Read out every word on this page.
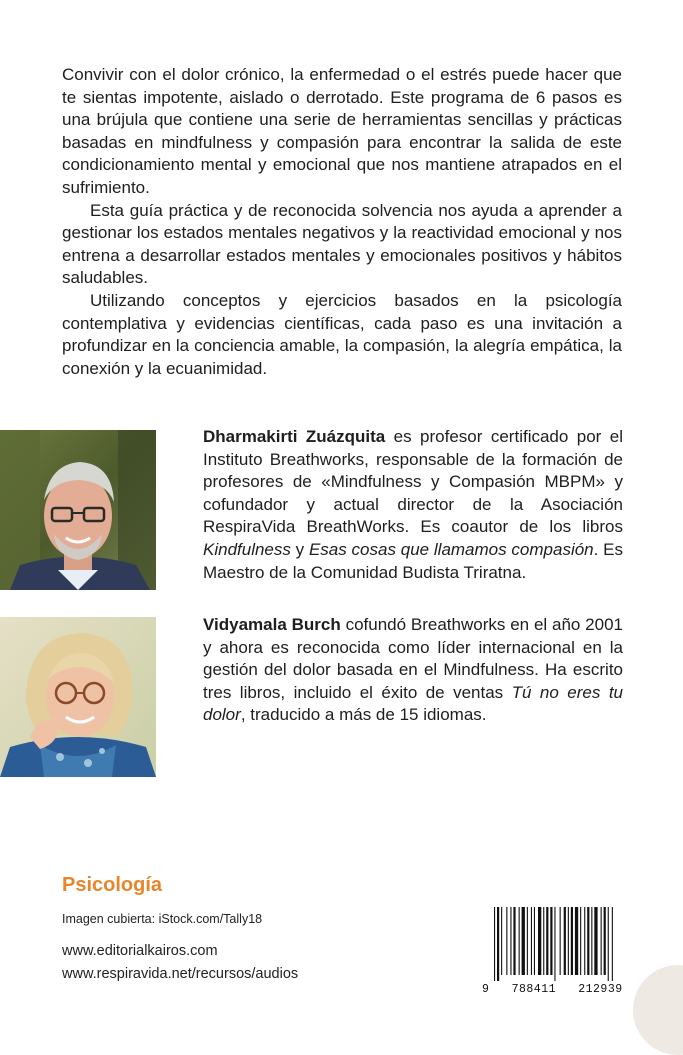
Convivir con el dolor crónico, la enfermedad o el estrés puede hacer que te sientas impotente, aislado o derrotado. Este programa de 6 pasos es una brújula que contiene una serie de herramientas sencillas y prácticas basadas en mindfulness y compasión para encontrar la salida de este condicionamiento mental y emocional que nos mantiene atrapados en el sufrimiento.

Esta guía práctica y de reconocida solvencia nos ayuda a aprender a gestionar los estados mentales negativos y la reactividad emocional y nos entrena a desarrollar estados mentales y emocionales positivos y hábitos saludables.

Utilizando conceptos y ejercicios basados en la psicología contemplativa y evidencias científicas, cada paso es una invitación a profundizar en la conciencia amable, la compasión, la alegría empática, la conexión y la ecuanimidad.

Dharmakirti Zuázquita es profesor certificado por el Instituto Breathworks, responsable de la formación de profesores de «Mindfulness y Compasión MBPM» y cofundador y actual director de la Asociación RespiraVida BreathWorks. Es coautor de los libros Kindfulness y Esas cosas que llamamos compasión. Es Maestro de la Comunidad Budista Triratna.

Vidyamala Burch cofundó Breathworks en el año 2001 y ahora es reconocida como líder internacional en la gestión del dolor basada en el Mindfulness. Ha escrito tres libros, incluido el éxito de ventas Tú no eres tu dolor, traducido a más de 15 idiomas.

Psicología
Imagen cubierta: iStock.com/Tally18
www.editorialkairos.com
www.respiravida.net/recursos/audios
9   788411   212939
